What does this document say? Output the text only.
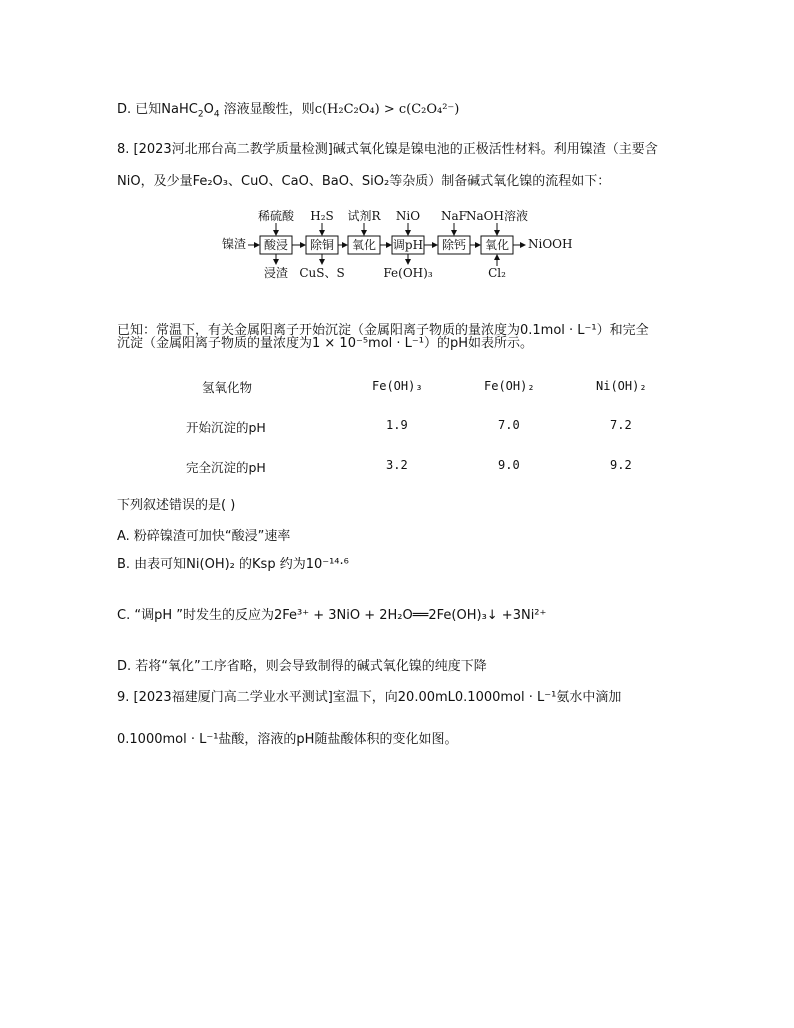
D. 已知$NaHC_2O_4$ 溶液显酸性，则c(H₂C₂O₄) > c(C₂O₄²⁻)
8. [2023河北邢台高二教学质量检测]碱式氧化镍是镍电池的正极活性材料。利用镍渣（主要含
NiO，及少量Fe₂O₃、CuO、CaO、BaO、SiO₂等杂质）制备碱式氧化镍的流程如下：
镍渣 酸浸 除铜 氧化 调pH 除钙 氧化
稀硫酸 H₂S 试剂R NiO NaF NaOH溶液
浸渣 CuS、S	Fe(OH)₃	Cl₂
NiOOH
已知：常温下，有关金属阳离子开始沉淀（金属阳离子物质的量浓度为0.1mol · L⁻¹）和完全
沉淀（金属阳离子物质的量浓度为1 × 10⁻⁵mol · L⁻¹）的pH如表所示。
氢氧化物	Fe(OH)₃	Fe(OH)₂	Ni(OH)₂
开始沉淀的pH	1.9	7.0	7.2
完全沉淀的pH	3.2	9.0	9.2
下列叙述错误的是( )
A. 粉碎镍渣可加快“酸浸”速率
B. 由表可知Ni(OH)₂ 的Ksp 约为10⁻¹⁴·⁶
C. “调pH ”时发生的反应为2Fe³⁺ + 3NiO + 2H₂O══2Fe(OH)₃↓ +3Ni²⁺
D. 若将“氧化”工序省略，则会导致制得的碱式氧化镍的纯度下降
9. [2023福建厦门高二学业水平测试]室温下，向20.00mL0.1000mol · L⁻¹氨水中滴加
0.1000mol · L⁻¹盐酸，溶液的pH随盐酸体积的变化如图。
